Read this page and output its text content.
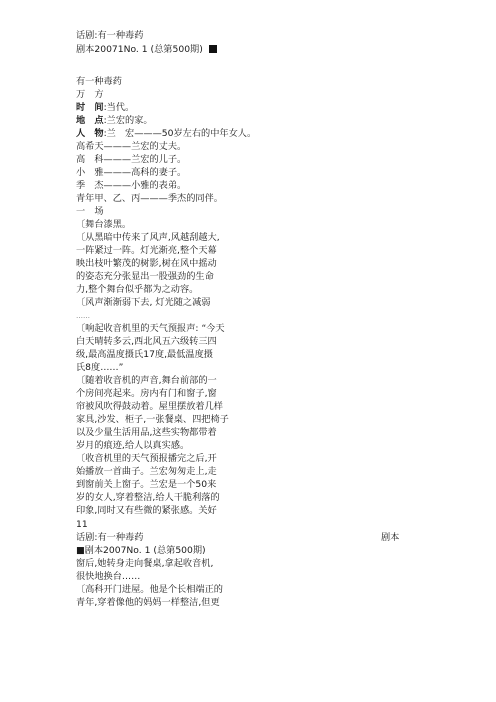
话剧:有一种毒药
剧本20071No. 1 (总第500期)
有一种毒药
万　方
时　间:当代。
地　点:兰宏的家。
人　物:兰　宏———50岁左右的中年女人。
高希天———兰宏的丈夫。
高　科———兰宏的儿子。
小　雅———高科的妻子。
季　杰———小雅的表弟。
青年甲、乙、丙———季杰的同伴。
一　场
〔舞台漆黑。
〔从黑暗中传来了风声,风越刮越大,
一阵紧过一阵。灯光渐亮,整个天幕
映出枝叶繁茂的树影,树在风中摇动
的姿态充分张显出一股强劲的生命
力,整个舞台似乎都为之动容。
〔风声渐渐弱下去, 灯光随之减弱
……
〔响起收音机里的天气预报声: “今天
白天晴转多云,西北风五六级转三四
级,最高温度摄氏17度,最低温度摄
氏8度……”
〔随着收音机的声音,舞台前部的一
个房间亮起来。房内有门和窗子,窗
帘被风吹得鼓动着。屋里摆放着几样
家具,沙发、柜子,一张餐桌、四把椅子
以及少量生活用品,这些实物都带着
岁月的痕迹,给人以真实感。
〔收音机里的天气预报播完之后,开
始播放一首曲子。兰宏匆匆走上,走
到窗前关上窗子。兰宏是一个50来
岁的女人,穿着整洁,给人干脆利落的
印象,同时又有些微的紧张感。关好
11
话剧:有一种毒药	剧本
■剧本2007No. 1 (总第500期)
窗后,她转身走向餐桌,拿起收音机,
很快地换台……
〔高科开门进屋。他是个长相端正的
青年,穿着像他的妈妈一样整洁,但更
